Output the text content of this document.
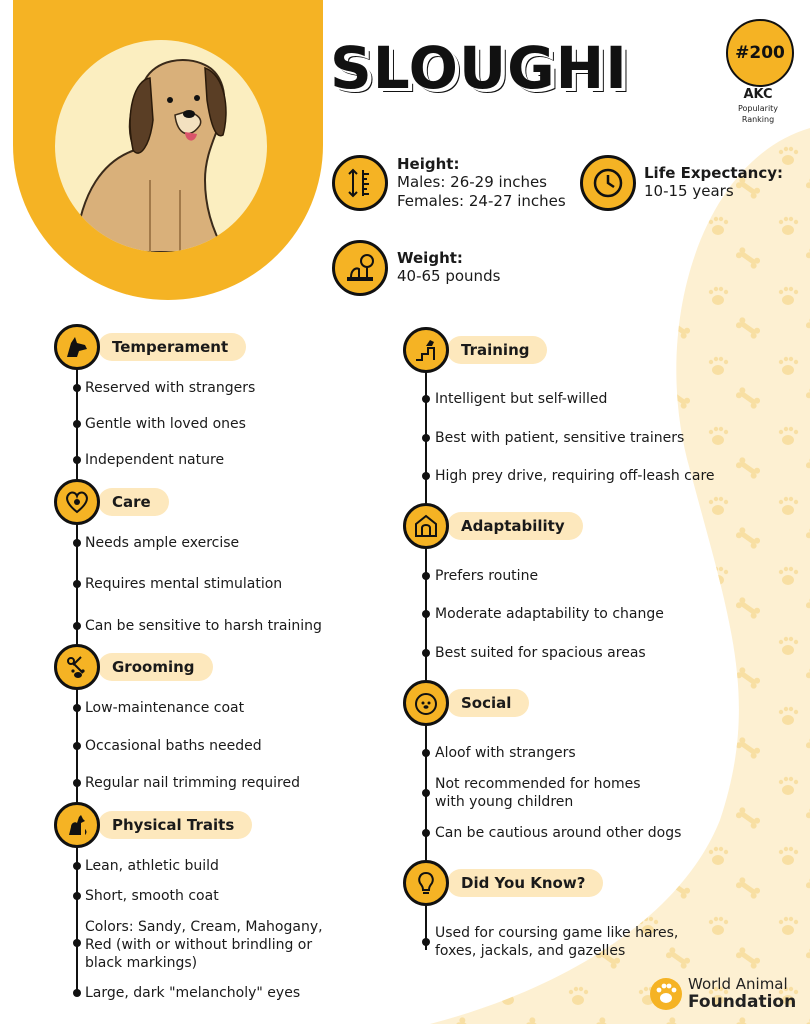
SLOUGHI	#200
AKC
Popularity
Ranking
Height:
Males: 26-29 inches
Females: 24-27 inches
Life Expectancy:
10-15 years
Weight:
40-65 pounds
Temperament
Reserved with strangers
Gentle with loved ones
Independent nature
Care
Needs ample exercise
Requires mental stimulation
Can be sensitive to harsh training
Grooming
Low-maintenance coat
Occasional baths needed
Regular nail trimming required
Physical Traits
Lean, athletic build
Short, smooth coat
Colors: Sandy, Cream, Mahogany,
Red (with or without brindling or
black markings)
Large, dark "melancholy" eyes
Training
Intelligent but self-willed
Best with patient, sensitive trainers
High prey drive, requiring off-leash care
Adaptability
Prefers routine
Moderate adaptability to change
Best suited for spacious areas
Social
Aloof with strangers
Not recommended for homes
with young children
Can be cautious around other dogs
Did You Know?
Used for coursing game like hares,
foxes, jackals, and gazelles
World Animal
Foundation
